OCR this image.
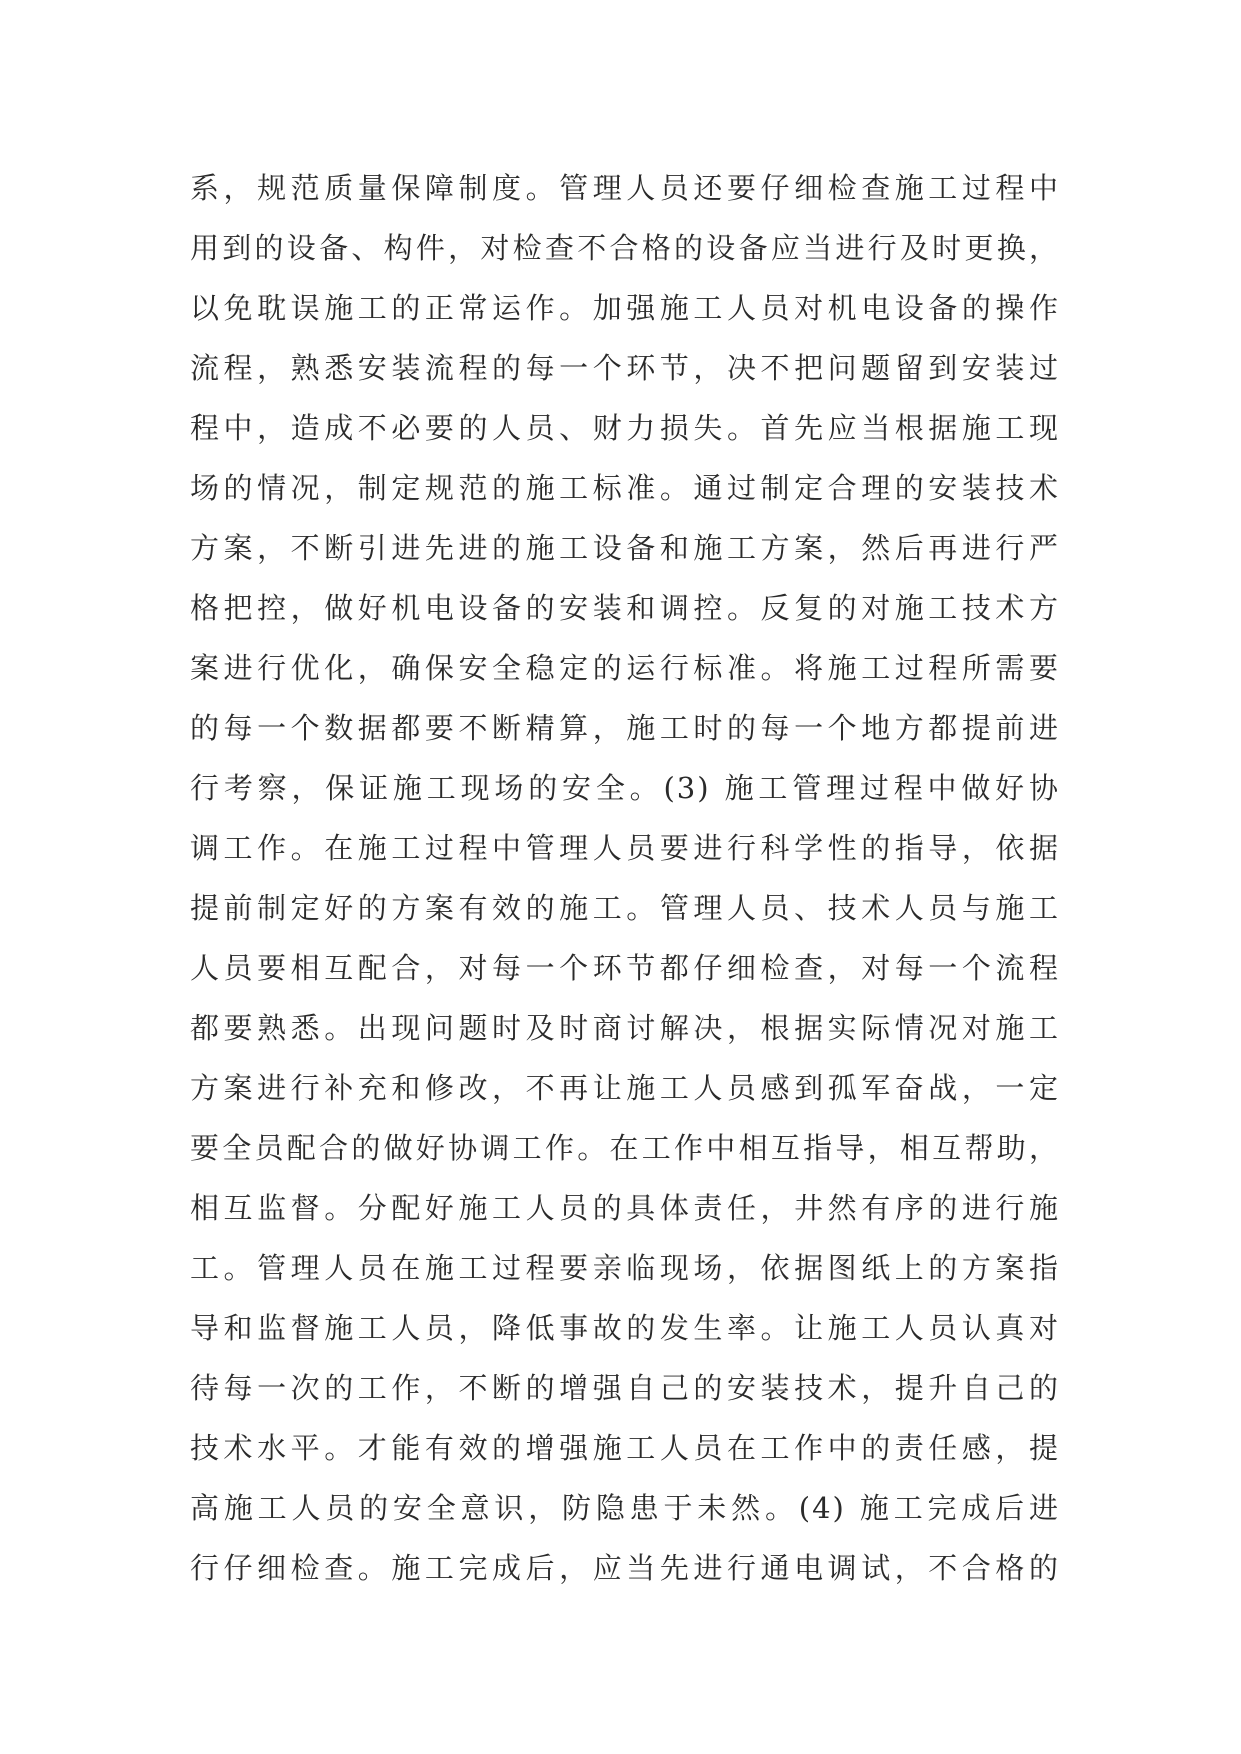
系，规范质量保障制度。管理人员还要仔细检查施工过程中
用到的设备、构件，对检查不合格的设备应当进行及时更换，
以免耽误施工的正常运作。加强施工人员对机电设备的操作
流程，熟悉安装流程的每一个环节，决不把问题留到安装过
程中，造成不必要的人员、财力损失。首先应当根据施工现
场的情况，制定规范的施工标准。通过制定合理的安装技术
方案，不断引进先进的施工设备和施工方案，然后再进行严
格把控，做好机电设备的安装和调控。反复的对施工技术方
案进行优化，确保安全稳定的运行标准。将施工过程所需要
的每一个数据都要不断精算，施工时的每一个地方都提前进
行考察，保证施工现场的安全。(3) 施工管理过程中做好协
调工作。在施工过程中管理人员要进行科学性的指导，依据
提前制定好的方案有效的施工。管理人员、技术人员与施工
人员要相互配合，对每一个环节都仔细检查，对每一个流程
都要熟悉。出现问题时及时商讨解决，根据实际情况对施工
方案进行补充和修改，不再让施工人员感到孤军奋战，一定
要全员配合的做好协调工作。在工作中相互指导，相互帮助，
相互监督。分配好施工人员的具体责任，井然有序的进行施
工。管理人员在施工过程要亲临现场，依据图纸上的方案指
导和监督施工人员，降低事故的发生率。让施工人员认真对
待每一次的工作，不断的增强自己的安装技术，提升自己的
技术水平。才能有效的增强施工人员在工作中的责任感，提
高施工人员的安全意识，防隐患于未然。(4) 施工完成后进
行仔细检查。施工完成后，应当先进行通电调试，不合格的
